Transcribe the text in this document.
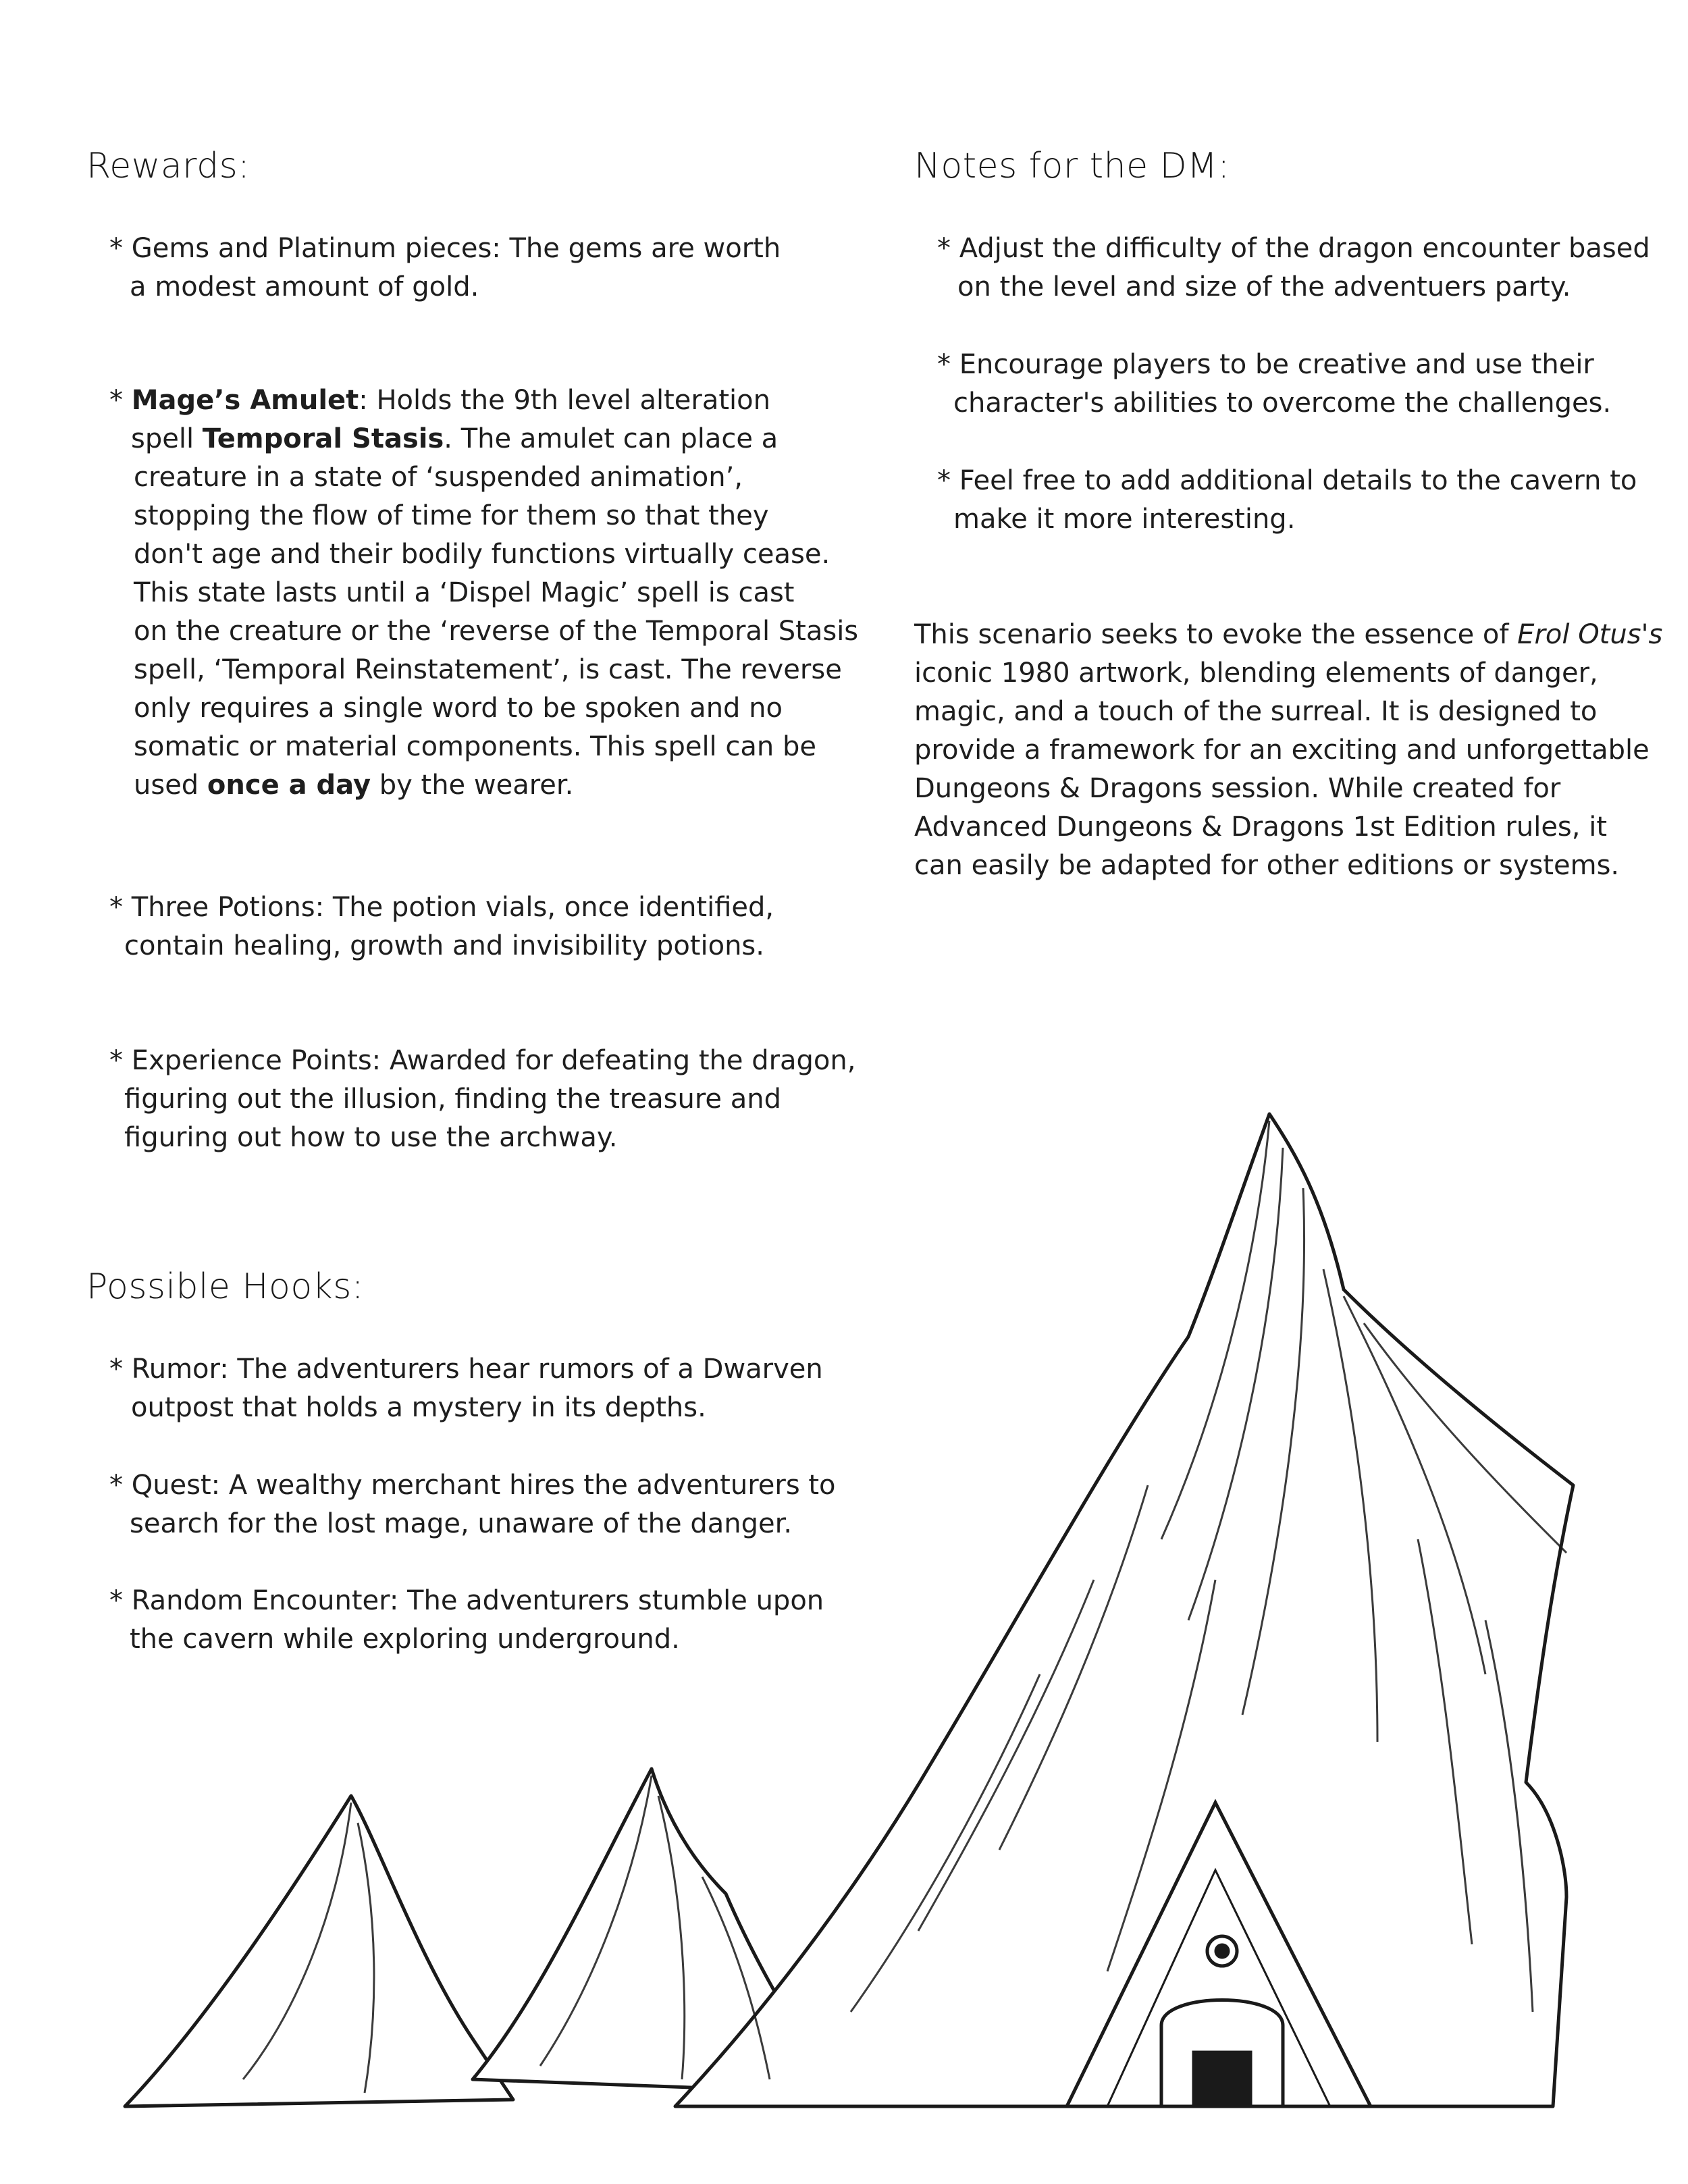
Rewards:

* Gems and Platinum pieces: The gems are worth
a modest amount of gold.

* Mage’s Amulet: Holds the 9th level alteration
spell Temporal Stasis. The amulet can place a
creature in a state of ‘suspended animation’,
stopping the flow of time for them so that they
don't age and their bodily functions virtually cease.
This state lasts until a ‘Dispel Magic’ spell is cast
on the creature or the ‘reverse of the Temporal Stasis
spell, ‘Temporal Reinstatement’, is cast. The reverse
only requires a single word to be spoken and no
somatic or material components. This spell can be
used once a day by the wearer.

* Three Potions: The potion vials, once identified,
contain healing, growth and invisibility potions.

* Experience Points: Awarded for defeating the dragon,
figuring out the illusion, finding the treasure and
figuring out how to use the archway.

Possible Hooks:

* Rumor: The adventurers hear rumors of a Dwarven
outpost that holds a mystery in its depths.

* Quest: A wealthy merchant hires the adventurers to
search for the lost mage, unaware of the danger.

* Random Encounter: The adventurers stumble upon
the cavern while exploring underground.

Notes for the DM:

* Adjust the difficulty of the dragon encounter based
on the level and size of the adventuers party.

* Encourage players to be creative and use their
character's abilities to overcome the challenges.

* Feel free to add additional details to the cavern to
make it more interesting.

This scenario seeks to evoke the essence of Erol Otus's
iconic 1980 artwork, blending elements of danger,
magic, and a touch of the surreal. It is designed to
provide a framework for an exciting and unforgettable
Dungeons & Dragons session. While created for
Advanced Dungeons & Dragons 1st Edition rules, it
can easily be adapted for other editions or systems.
